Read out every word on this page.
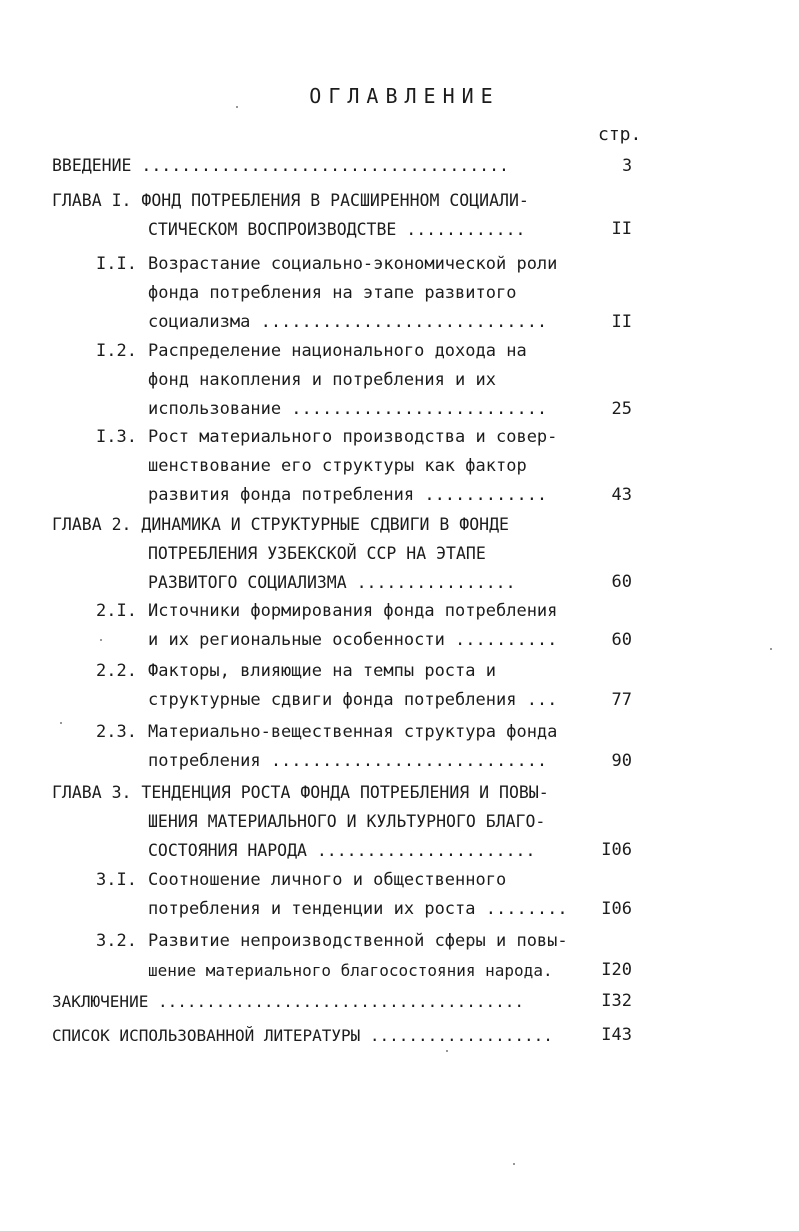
ОГЛАВЛЕНИЕ
стр.
ВВЕДЕНИЕ .....................................	3
ГЛАВА I. ФОНД ПОТРЕБЛЕНИЯ В РАСШИРЕННОМ СОЦИАЛИ-
СТИЧЕСКОМ ВОСПРОИЗВОДСТВЕ ............	II
I.I. Возрастание социально-экономической роли
фонда потребления на этапе развитого
социализма ............................	II
I.2. Распределение национального дохода на
фонд накопления и потребления и их
использование .........................	25
I.3. Рост материального производства и совер-
шенствование его структуры как фактор
развития фонда потребления ............	43
ГЛАВА 2. ДИНАМИКА И СТРУКТУРНЫЕ СДВИГИ В ФОНДЕ
ПОТРЕБЛЕНИЯ УЗБЕКСКОЙ ССР НА ЭТАПЕ
РАЗВИТОГО СОЦИАЛИЗМА ................	60
2.I. Источники формирования фонда потребления
и их региональные особенности ..........	60
2.2. Факторы, влияющие на темпы роста и
структурные сдвиги фонда потребления ...	77
2.3. Материально-вещественная структура фонда
потребления ...........................	90
ГЛАВА 3. ТЕНДЕНЦИЯ РОСТА ФОНДА ПОТРЕБЛЕНИЯ И ПОВЫ-
ШЕНИЯ МАТЕРИАЛЬНОГО И КУЛЬТУРНОГО БЛАГО-
СОСТОЯНИЯ НАРОДА ......................	I06
3.I. Соотношение личного и общественного
потребления и тенденции их роста ........	I06
3.2. Развитие непроизводственной сферы и повы-
шение материального благосостояния народа.	I20
ЗАКЛЮЧЕНИЕ ......................................	I32
СПИСОК ИСПОЛЬЗОВАННОЙ ЛИТЕРАТУРЫ ...................	I43
